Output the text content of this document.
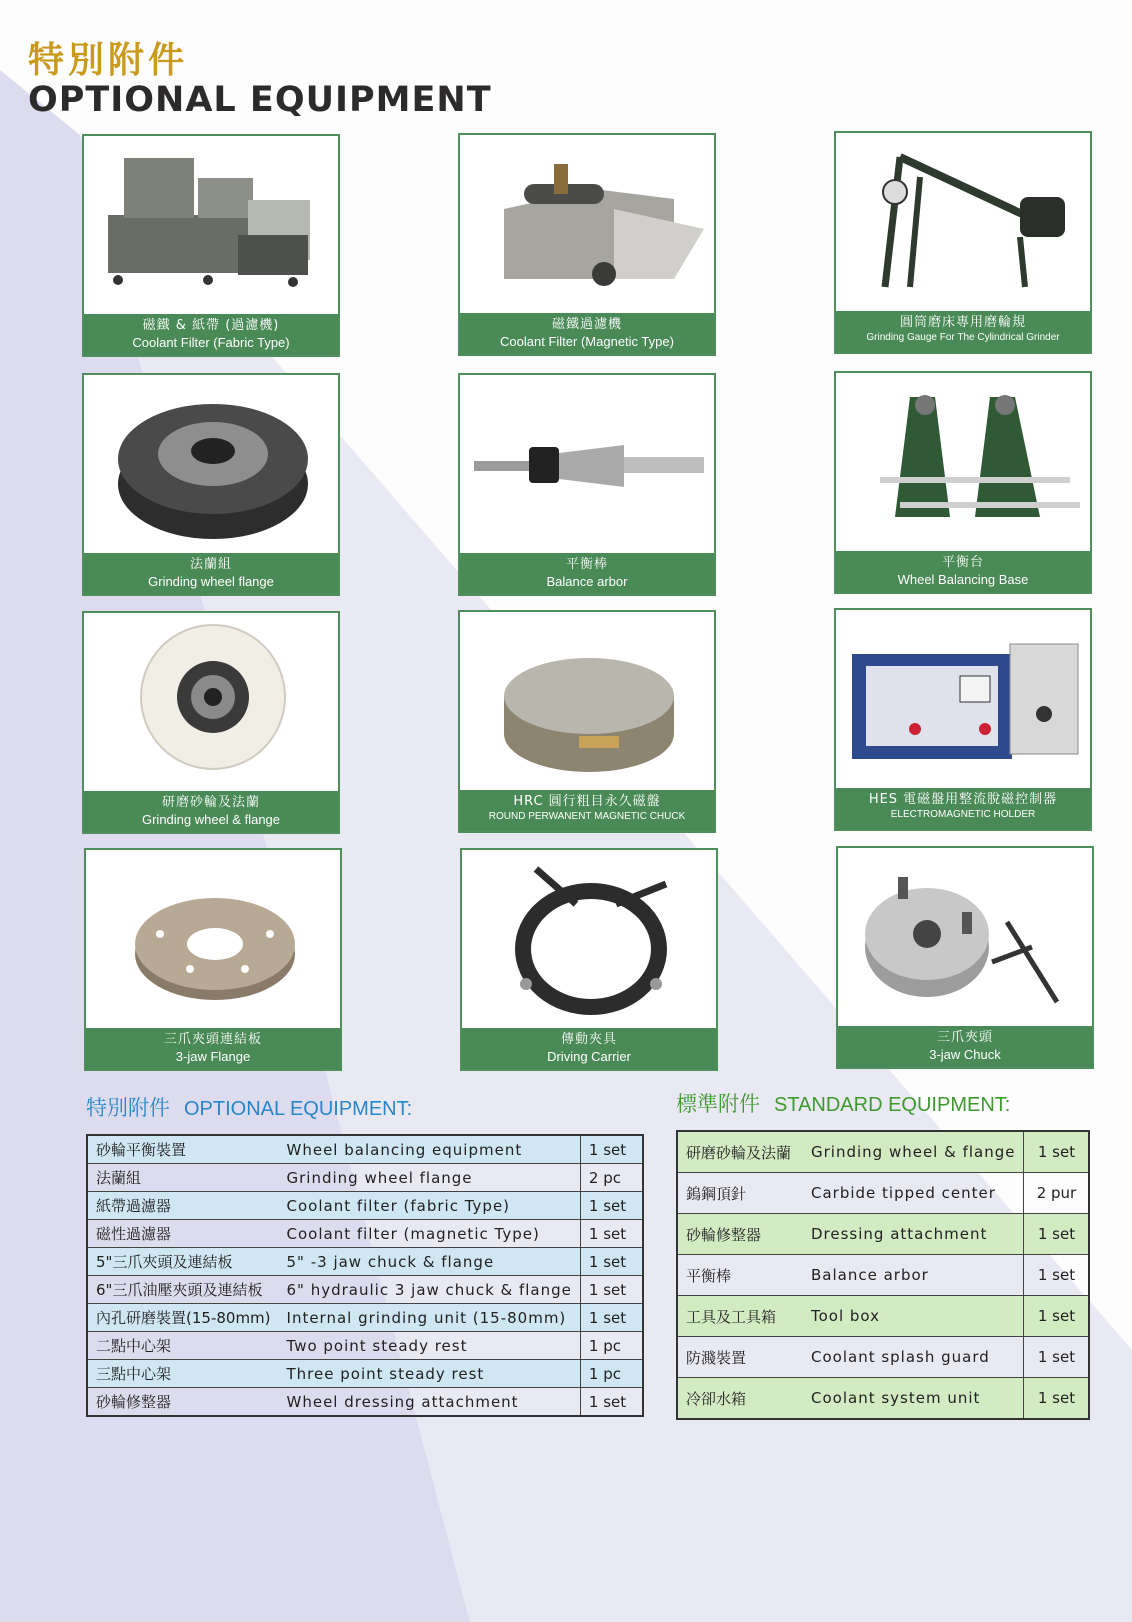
特別附件
OPTIONAL EQUIPMENT
磁鐵 & 紙帶 (過濾機)
Coolant Filter (Fabric Type)
磁鐵過濾機
Coolant Filter (Magnetic Type)
圓筒磨床專用磨輪規
Grinding Gauge For The Cylindrical Grinder
法蘭組
Grinding wheel flange
平衡棒
Balance arbor
平衡台
Wheel Balancing Base
研磨砂輪及法蘭
Grinding wheel & flange
HRC 圓行粗目永久磁盤
ROUND PERWANENT MAGNETIC CHUCK
HES 電磁盤用整流脫磁控制器
ELECTROMAGNETIC HOLDER
三爪夾頭連結板
3-jaw Flange
傳動夾具
Driving Carrier
三爪夾頭
3-jaw Chuck
特別附件 OPTIONAL EQUIPMENT:	標準附件 STANDARD EQUIPMENT:
砂輪平衡裝置	Wheel balancing equipment	1 set
法蘭組	Grinding wheel flange	2 pc
紙帶過濾器	Coolant filter (fabric Type)	1 set
磁性過濾器	Coolant filter (magnetic Type)	1 set
5"三爪夾頭及連結板	5" -3 jaw chuck & flange	1 set
6"三爪油壓夾頭及連結板	6" hydraulic 3 jaw chuck & flange	1 set
內孔研磨裝置(15-80mm)	Internal grinding unit (15-80mm)	1 set
二點中心架	Two point steady rest	1 pc
三點中心架	Three point steady rest	1 pc
砂輪修整器	Wheel dressing attachment	1 set
研磨砂輪及法蘭	Grinding wheel & flange	1 set
鎢鋼頂針	Carbide tipped center	2 pur
砂輪修整器	Dressing attachment	1 set
平衡棒	Balance arbor	1 set
工具及工具箱	Tool box	1 set
防濺裝置	Coolant splash guard	1 set
冷卻水箱	Coolant system unit	1 set
